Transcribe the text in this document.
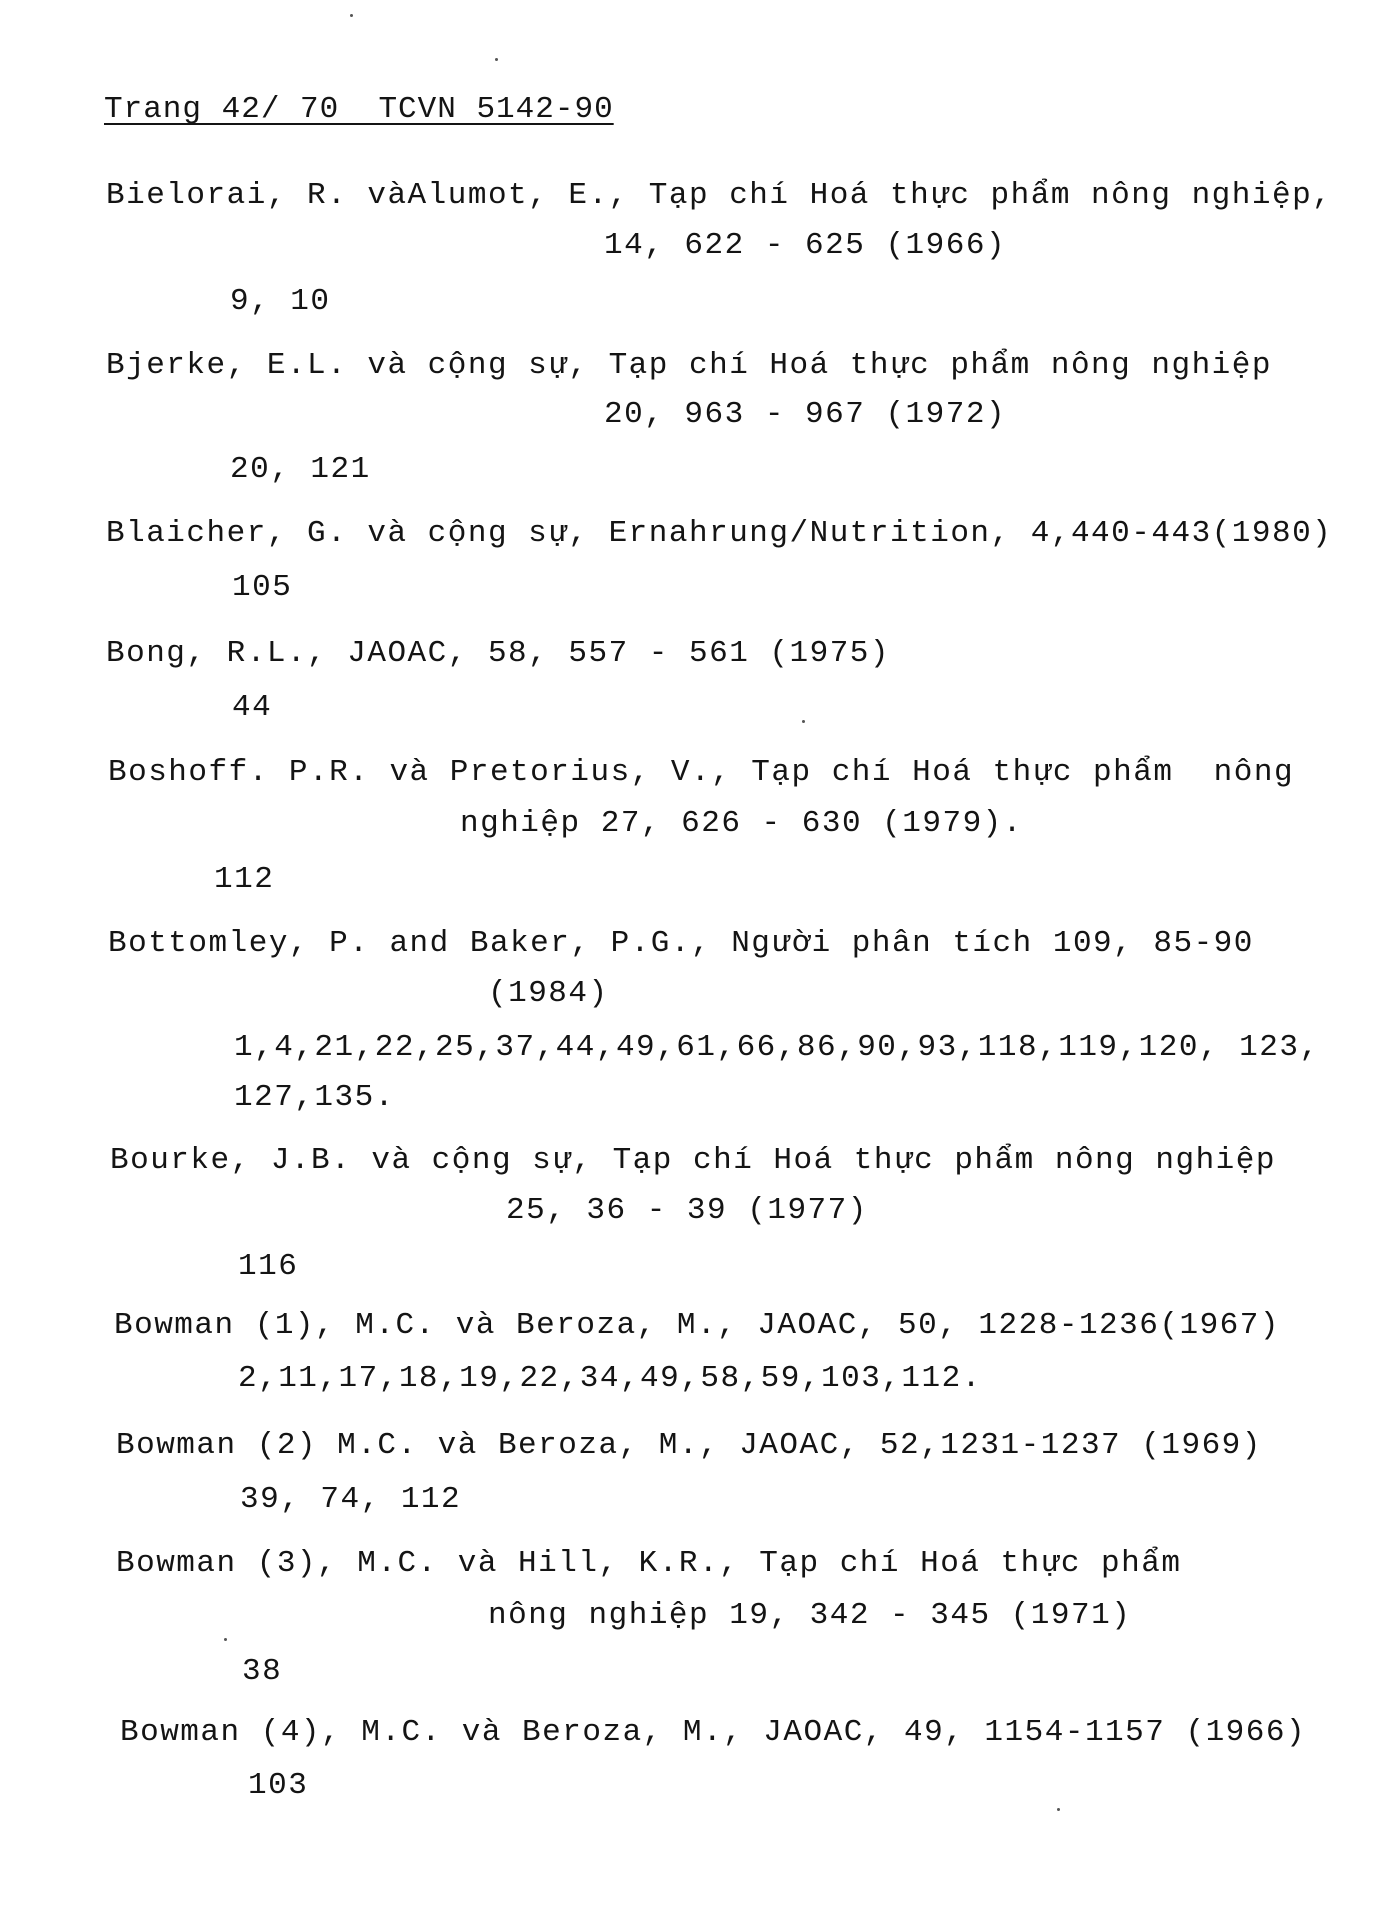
Trang 42/ 70  TCVN 5142-90
Bielorai, R. vàAlumot, E., Tạp chí Hoá thực phẩm nông nghiệp,
14, 622 - 625 (1966)
9, 10
Bjerke, E.L. và cộng sự, Tạp chí Hoá thực phẩm nông nghiệp
20, 963 - 967 (1972)
20, 121
Blaicher, G. và cộng sự, Ernahrung/Nutrition, 4,440-443(1980)
105
Bong, R.L., JAOAC, 58, 557 - 561 (1975)
44
Boshoff. P.R. và Pretorius, V., Tạp chí Hoá thực phẩm  nông
nghiệp 27, 626 - 630 (1979).
112
Bottomley, P. and Baker, P.G., Người phân tích 109, 85-90
(1984)
1,4,21,22,25,37,44,49,61,66,86,90,93,118,119,120, 123,
127,135.
Bourke, J.B. và cộng sự, Tạp chí Hoá thực phẩm nông nghiệp
25, 36 - 39 (1977)
116
Bowman (1), M.C. và Beroza, M., JAOAC, 50, 1228-1236(1967)
2,11,17,18,19,22,34,49,58,59,103,112.
Bowman (2) M.C. và Beroza, M., JAOAC, 52,1231-1237 (1969)
39, 74, 112
Bowman (3), M.C. và Hill, K.R., Tạp chí Hoá thực phẩm
nông nghiệp 19, 342 - 345 (1971)
38
Bowman (4), M.C. và Beroza, M., JAOAC, 49, 1154-1157 (1966)
103
